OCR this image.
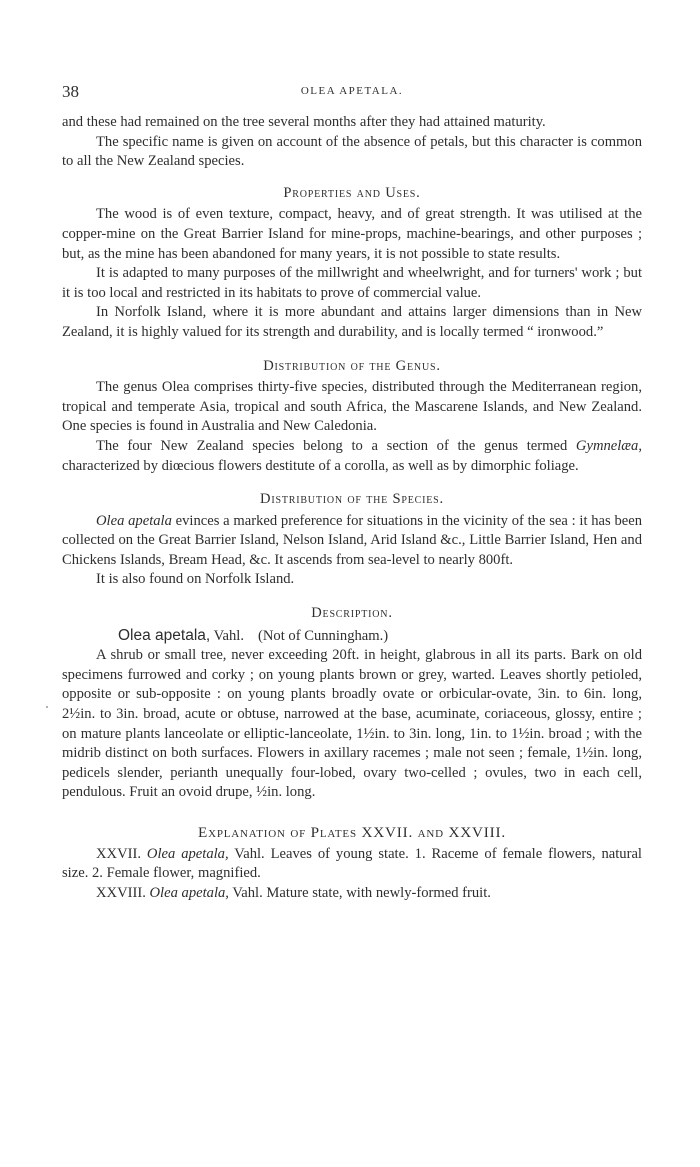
38	OLEA APETALA.

and these had remained on the tree several months after they had attained maturity.

The specific name is given on account of the absence of petals, but this character is common to all the New Zealand species.

Properties and Uses.

The wood is of even texture, compact, heavy, and of great strength. It was utilised at the copper-mine on the Great Barrier Island for mine-props, machine-bearings, and other purposes ; but, as the mine has been abandoned for many years, it is not possible to state results.

It is adapted to many purposes of the millwright and wheelwright, and for turners' work ; but it is too local and restricted in its habitats to prove of commercial value.

In Norfolk Island, where it is more abundant and attains larger dimensions than in New Zealand, it is highly valued for its strength and durability, and is locally termed “ ironwood.”

Distribution of the Genus.

The genus Olea comprises thirty-five species, distributed through the Mediterranean region, tropical and temperate Asia, tropical and south Africa, the Mascarene Islands, and New Zealand. One species is found in Australia and New Caledonia.

The four New Zealand species belong to a section of the genus termed Gymnelæa, characterized by diœcious flowers destitute of a corolla, as well as by dimorphic foliage.

Distribution of the Species.

Olea apetala evinces a marked preference for situations in the vicinity of the sea : it has been collected on the Great Barrier Island, Nelson Island, Arid Island &c., Little Barrier Island, Hen and Chickens Islands, Bream Head, &c. It ascends from sea-level to nearly 800ft.

It is also found on Norfolk Island.

Description.

Olea apetala, Vahl. (Not of Cunningham.)

A shrub or small tree, never exceeding 20ft. in height, glabrous in all its parts. Bark on old specimens furrowed and corky ; on young plants brown or grey, warted. Leaves shortly petioled, opposite or sub-opposite : on young plants broadly ovate or orbicular-ovate, 3in. to 6in. long, 2½in. to 3in. broad, acute or obtuse, narrowed at the base, acuminate, coriaceous, glossy, entire ; on mature plants lanceolate or elliptic-lanceolate, 1½in. to 3in. long, 1in. to 1½in. broad ; with the midrib distinct on both surfaces. Flowers in axillary racemes ; male not seen ; female, 1½in. long, pedicels slender, perianth unequally four-lobed, ovary two-celled ; ovules, two in each cell, pendulous. Fruit an ovoid drupe, ½in. long.

Explanation of Plates XXVII. and XXVIII.

XXVII. Olea apetala, Vahl. Leaves of young state. 1. Raceme of female flowers, natural size. 2. Female flower, magnified.

XXVIII. Olea apetala, Vahl. Mature state, with newly-formed fruit.
